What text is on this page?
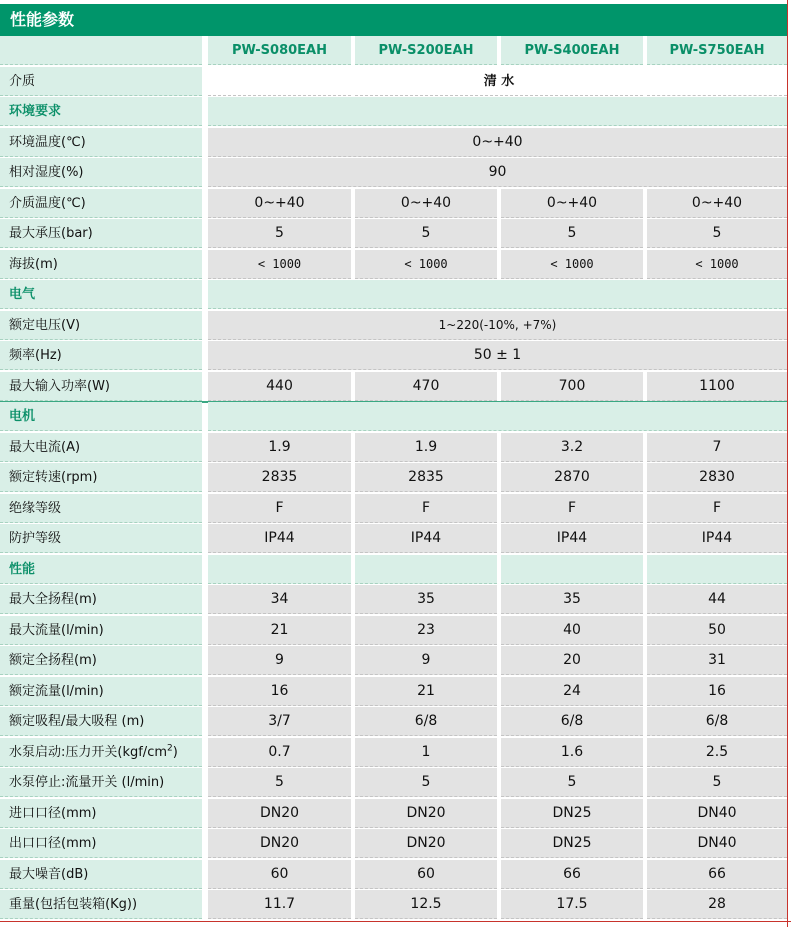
性能参数
PW-S080EAH	PW-S200EAH	PW-S400EAH	PW-S750EAH
介质	清 水
环境要求
环境温度(℃)	0~+40
相对湿度(%)	90
介质温度(℃)	0~+40	0~+40	0~+40	0~+40
最大承压(bar)	5	5	5	5
海拔(m)	< 1000	< 1000	< 1000	< 1000
电气
额定电压(V)	1~220(-10%, +7%)
频率(Hz)	50 ± 1
最大输入功率(W)	440	470	700	1100
电机
最大电流(A)	1.9	1.9	3.2	7
额定转速(rpm)	2835	2835	2870	2830
绝缘等级	F	F	F	F
防护等级	IP44	IP44	IP44	IP44
性能
最大全扬程(m)	34	35	35	44
最大流量(l/min)	21	23	40	50
额定全扬程(m)	9	9	20	31
额定流量(l/min)	16	21	24	16
额定吸程/最大吸程 (m)	3/7	6/8	6/8	6/8
水泵启动:压力开关$(kgf/cm^2)$	0.7	1	1.6	2.5
水泵停止:流量开关 (l/min)	5	5	5	5
进口口径(mm)	DN20	DN20	DN25	DN40
出口口径(mm)	DN20	DN20	DN25	DN40
最大噪音(dB)	60	60	66	66
重量(包括包装箱(Kg))	11.7	12.5	17.5	28
